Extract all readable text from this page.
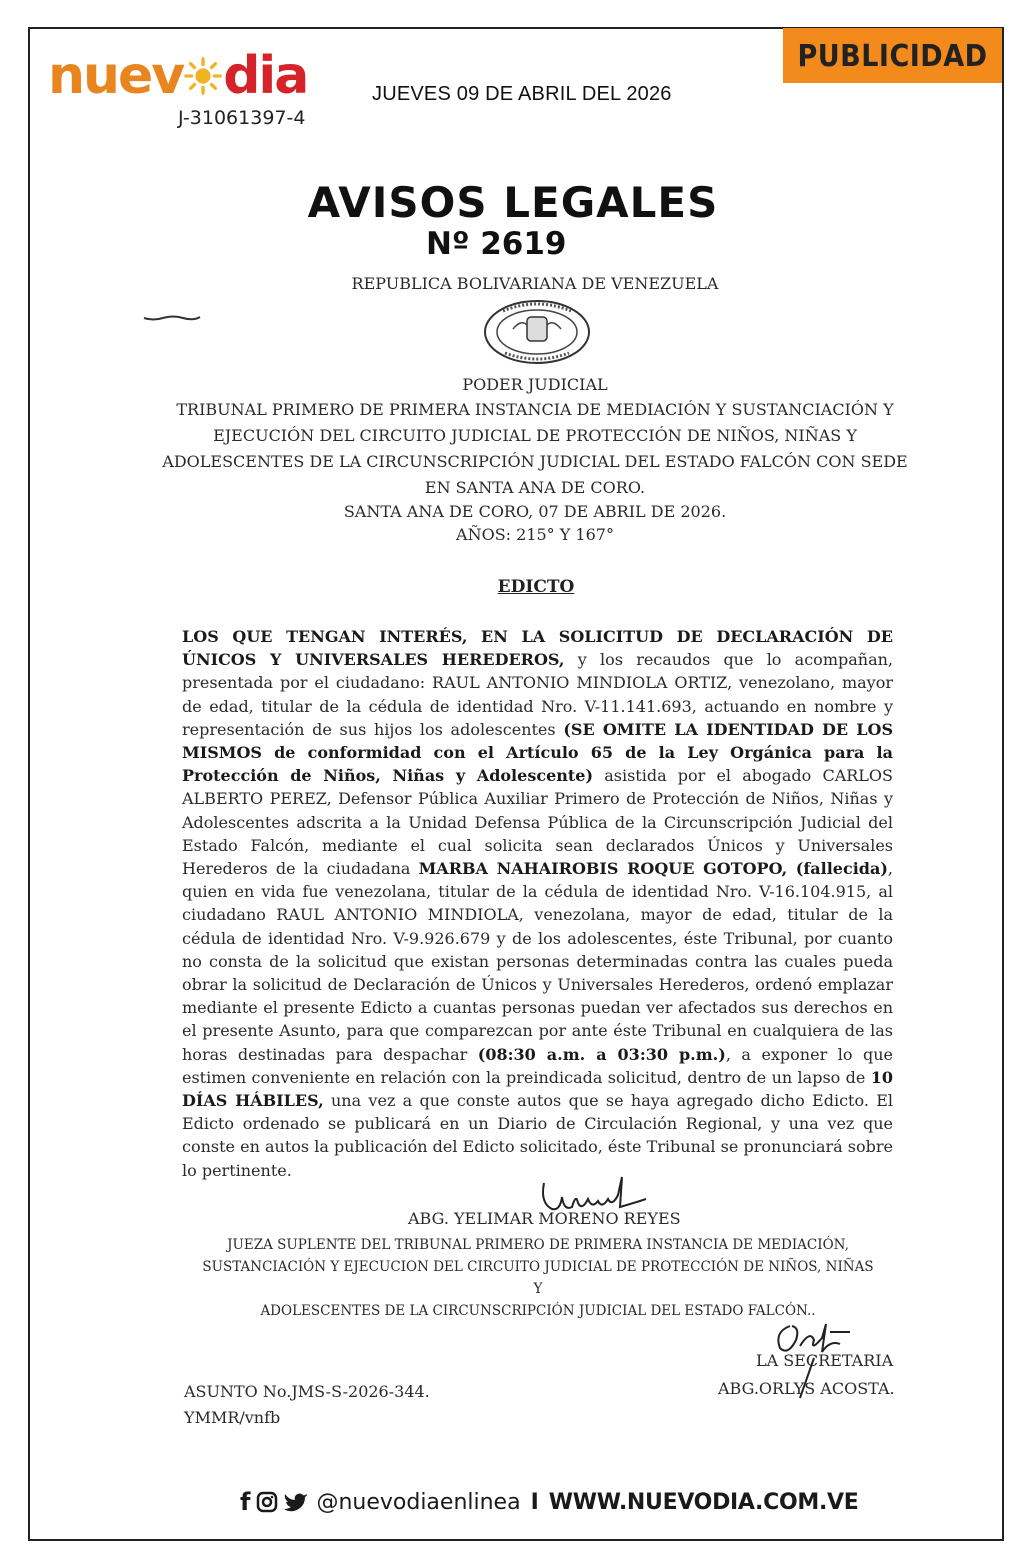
nuev dia
J-31061397-4
JUEVES 09 DE ABRIL DEL 2026
PUBLICIDAD
AVISOS LEGALES
Nº 2619
REPUBLICA BOLIVARIANA DE VENEZUELA
PODER JUDICIAL
TRIBUNAL PRIMERO DE PRIMERA INSTANCIA DE MEDIACIÓN Y SUSTANCIACIÓN Y
EJECUCIÓN DEL CIRCUITO JUDICIAL DE PROTECCIÓN DE NIÑOS, NIÑAS Y
ADOLESCENTES DE LA CIRCUNSCRIPCIÓN JUDICIAL DEL ESTADO FALCÓN CON SEDE
EN SANTA ANA DE CORO.
SANTA ANA DE CORO, 07 DE ABRIL DE 2026.
AÑOS: 215° Y 167°
EDICTO
LOS QUE TENGAN INTERÉS, EN LA SOLICITUD DE DECLARACIÓN DE ÚNICOS Y UNIVERSALES HEREDEROS, y los recaudos que lo acompañan, presentada por el ciudadano: RAUL ANTONIO MINDIOLA ORTIZ, venezolano, mayor de edad, titular de la cédula de identidad Nro. V-11.141.693, actuando en nombre y representación de sus hijos los adolescentes (SE OMITE LA IDENTIDAD DE LOS MISMOS de conformidad con el Artículo 65 de la Ley Orgánica para la Protección de Niños, Niñas y Adolescente) asistida por el abogado CARLOS ALBERTO PEREZ, Defensor Pública Auxiliar Primero de Protección de Niños, Niñas y Adolescentes adscrita a la Unidad Defensa Pública de la Circunscripción Judicial del Estado Falcón, mediante el cual solicita sean declarados Únicos y Universales Herederos de la ciudadana MARBA NAHAIROBIS ROQUE GOTOPO, (fallecida), quien en vida fue venezolana, titular de la cédula de identidad Nro. V-16.104.915, al ciudadano RAUL ANTONIO MINDIOLA, venezolana, mayor de edad, titular de la cédula de identidad Nro. V-9.926.679 y de los adolescentes, éste Tribunal, por cuanto no consta de la solicitud que existan personas determinadas contra las cuales pueda obrar la solicitud de Declaración de Únicos y Universales Herederos, ordenó emplazar mediante el presente Edicto a cuantas personas puedan ver afectados sus derechos en el presente Asunto, para que comparezcan por ante éste Tribunal en cualquiera de las horas destinadas para despachar (08:30 a.m. a 03:30 p.m.), a exponer lo que estimen conveniente en relación con la preindicada solicitud, dentro de un lapso de 10 DÍAS HÁBILES, una vez a que conste autos que se haya agregado dicho Edicto. El Edicto ordenado se publicará en un Diario de Circulación Regional, y una vez que conste en autos la publicación del Edicto solicitado, éste Tribunal se pronunciará sobre lo pertinente.
ABG. YELIMAR MORENO REYES
JUEZA SUPLENTE DEL TRIBUNAL PRIMERO DE PRIMERA INSTANCIA DE MEDIACIÓN,
SUSTANCIACIÓN Y EJECUCION DEL CIRCUITO JUDICIAL DE PROTECCIÓN DE NIÑOS, NIÑAS Y
ADOLESCENTES DE LA CIRCUNSCRIPCIÓN JUDICIAL DEL ESTADO FALCÓN..
LA SECRETARIA
ABG.ORLYS ACOSTA.
ASUNTO No.JMS-S-2026-344.
YMMR/vnfb
f	@nuevodiaenlinea I WWW.NUEVODIA.COM.VE
